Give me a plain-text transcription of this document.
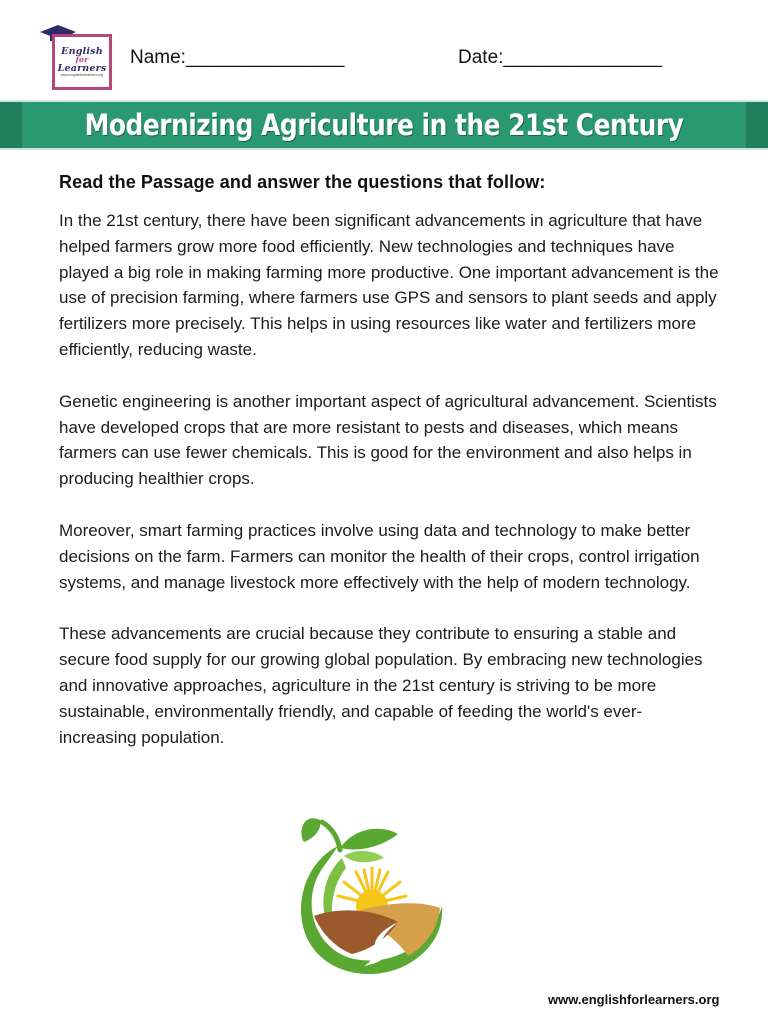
English
for
Learners
www.englishforlearners.org
Name:_______________	Date:_______________
Modernizing Agriculture in the 21st Century
Read the Passage and answer the questions that follow:

In the 21st century, there have been significant advancements in agriculture that have helped farmers grow more food efficiently. New technologies and techniques have played a big role in making farming more productive. One important advancement is the use of precision farming, where farmers use GPS and sensors to plant seeds and apply fertilizers more precisely. This helps in using resources like water and fertilizers more efficiently, reducing waste.

Genetic engineering is another important aspect of agricultural advancement. Scientists have developed crops that are more resistant to pests and diseases, which means farmers can use fewer chemicals. This is good for the environment and also helps in producing healthier crops.

Moreover, smart farming practices involve using data and technology to make better decisions on the farm. Farmers can monitor the health of their crops, control irrigation systems, and manage livestock more effectively with the help of modern technology.

These advancements are crucial because they contribute to ensuring a stable and secure food supply for our growing global population. By embracing new technologies and innovative approaches, agriculture in the 21st century is striving to be more sustainable, environmentally friendly, and capable of feeding the world's ever-increasing population.

www.englishforlearners.org
